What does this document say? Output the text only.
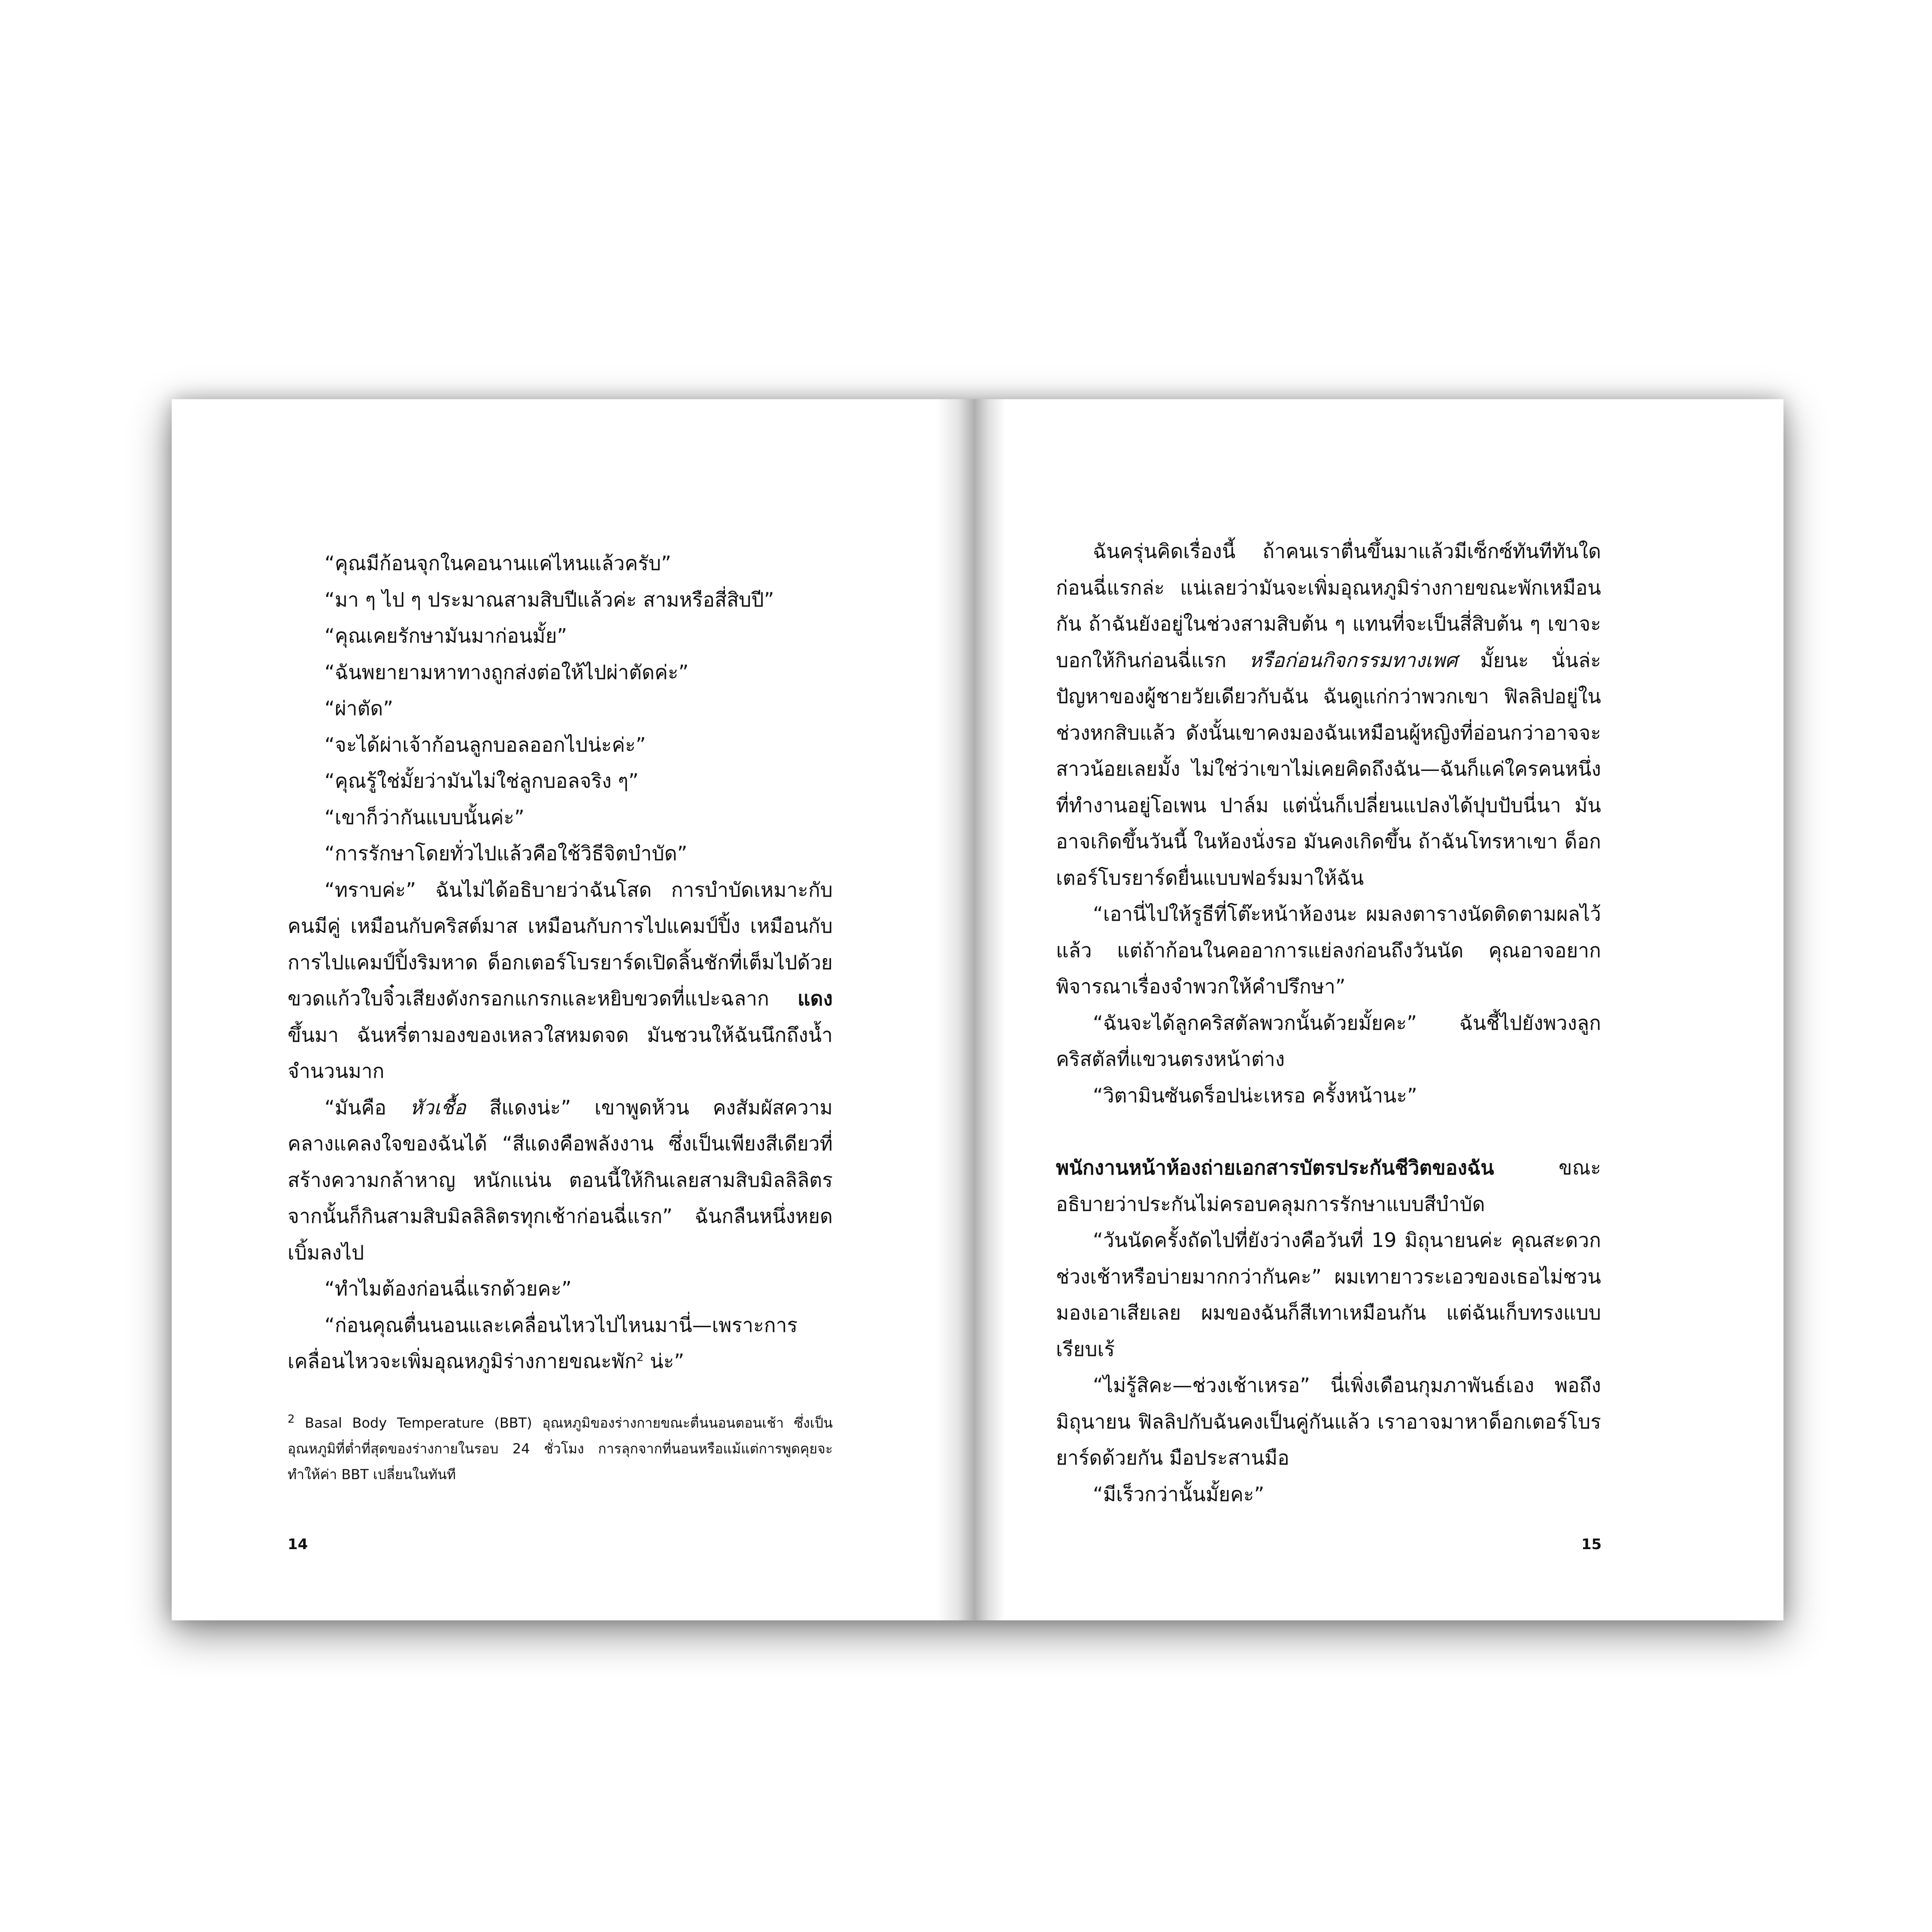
“คุณมีก้อนจุกในคอนานแค่ไหนแล้วครับ”

“มา ๆ ไป ๆ ประมาณสามสิบปีแล้วค่ะ สามหรือสี่สิบปี”

“คุณเคยรักษามันมาก่อนมั้ย”

“ฉันพยายามหาทางถูกส่งต่อให้ไปผ่าตัดค่ะ”

“ผ่าตัด”

“จะได้ผ่าเจ้าก้อนลูกบอลออกไปน่ะค่ะ”

“คุณรู้ใช่มั้ยว่ามันไม่ใช่ลูกบอลจริง ๆ”

“เขาก็ว่ากันแบบนั้นค่ะ”

“การรักษาโดยทั่วไปแล้วคือใช้วิธีจิตบำบัด”

“ทราบค่ะ” ฉันไม่ได้อธิบายว่าฉันโสด การบำบัดเหมาะกับคนมีคู่ เหมือนกับคริสต์มาส เหมือนกับการไปแคมป์ปิ้ง เหมือนกับการไปแคมป์ปิ้งริมหาด ด็อกเตอร์โบรยาร์ดเปิดลิ้นชักที่เต็มไปด้วยขวดแก้วใบจิ๋วเสียงดังกรอกแกรกและหยิบขวดที่แปะฉลาก แดง ขึ้นมา ฉันหรี่ตามองของเหลวใสหมดจด มันชวนให้ฉันนึกถึงน้ำจำนวนมาก

“มันคือ หัวเชื้อ สีแดงน่ะ” เขาพูดห้วน คงสัมผัสความคลางแคลงใจของฉันได้ “สีแดงคือพลังงาน ซึ่งเป็นเพียงสีเดียวที่สร้างความกล้าหาญ หนักแน่น ตอนนี้ให้กินเลยสามสิบมิลลิลิตร จากนั้นก็กินสามสิบมิลลิลิตรทุกเช้าก่อนฉี่แรก” ฉันกลืนหนึ่งหยดเบิ้มลงไป

“ทำไมต้องก่อนฉี่แรกด้วยคะ”

“ก่อนคุณตื่นนอนและเคลื่อนไหวไปไหนมานี่—เพราะการเคลื่อนไหวจะเพิ่มอุณหภูมิร่างกายขณะพัก$^2$ น่ะ”

$^2$ Basal Body Temperature (BBT) อุณหภูมิของร่างกายขณะตื่นนอนตอนเช้า ซึ่งเป็นอุณหภูมิที่ต่ำที่สุดของร่างกายในรอบ 24 ชั่วโมง การลุกจากที่นอนหรือแม้แต่การพูดคุยจะทำให้ค่า BBT เปลี่ยนในทันที
14

ฉันครุ่นคิดเรื่องนี้ ถ้าคนเราตื่นขึ้นมาแล้วมีเซ็กซ์ทันทีทันใดก่อนฉี่แรกล่ะ แน่เลยว่ามันจะเพิ่มอุณหภูมิร่างกายขณะพักเหมือนกัน ถ้าฉันยังอยู่ในช่วงสามสิบต้น ๆ แทนที่จะเป็นสี่สิบต้น ๆ เขาจะบอกให้กินก่อนฉี่แรก หรือก่อนกิจกรรมทางเพศ มั้ยนะ นั่นล่ะปัญหาของผู้ชายวัยเดียวกับฉัน ฉันดูแก่กว่าพวกเขา ฟิลลิปอยู่ในช่วงหกสิบแล้ว ดังนั้นเขาคงมองฉันเหมือนผู้หญิงที่อ่อนกว่าอาจจะสาวน้อยเลยมั้ง ไม่ใช่ว่าเขาไม่เคยคิดถึงฉัน—ฉันก็แค่ใครคนหนึ่งที่ทำงานอยู่โอเพน ปาล์ม แต่นั่นก็เปลี่ยนแปลงได้ปุบปับนี่นา มันอาจเกิดขึ้นวันนี้ ในห้องนั่งรอ มันคงเกิดขึ้น ถ้าฉันโทรหาเขา ด็อกเตอร์โบรยาร์ดยื่นแบบฟอร์มมาให้ฉัน

“เอานี่ไปให้รูธีที่โต๊ะหน้าห้องนะ ผมลงตารางนัดติดตามผลไว้แล้ว แต่ถ้าก้อนในคออาการแย่ลงก่อนถึงวันนัด คุณอาจอยากพิจารณาเรื่องจำพวกให้คำปรึกษา”

“ฉันจะได้ลูกคริสตัลพวกนั้นด้วยมั้ยคะ” ฉันชี้ไปยังพวงลูกคริสตัลที่แขวนตรงหน้าต่าง

“วิตามินซันดร็อปน่ะเหรอ ครั้งหน้านะ”

พนักงานหน้าห้องถ่ายเอกสารบัตรประกันชีวิตของฉัน ขณะอธิบายว่าประกันไม่ครอบคลุมการรักษาแบบสีบำบัด

“วันนัดครั้งถัดไปที่ยังว่างคือวันที่ 19 มิถุนายนค่ะ คุณสะดวกช่วงเช้าหรือบ่ายมากกว่ากันคะ” ผมเทายาวระเอวของเธอไม่ชวนมองเอาเสียเลย ผมของฉันก็สีเทาเหมือนกัน แต่ฉันเก็บทรงแบบเรียบเร้

“ไม่รู้สิคะ—ช่วงเช้าเหรอ” นี่เพิ่งเดือนกุมภาพันธ์เอง พอถึงมิถุนายน ฟิลลิปกับฉันคงเป็นคู่กันแล้ว เราอาจมาหาด็อกเตอร์โบรยาร์ดด้วยกัน มือประสานมือ

“มีเร็วกว่านั้นมั้ยคะ”

15
